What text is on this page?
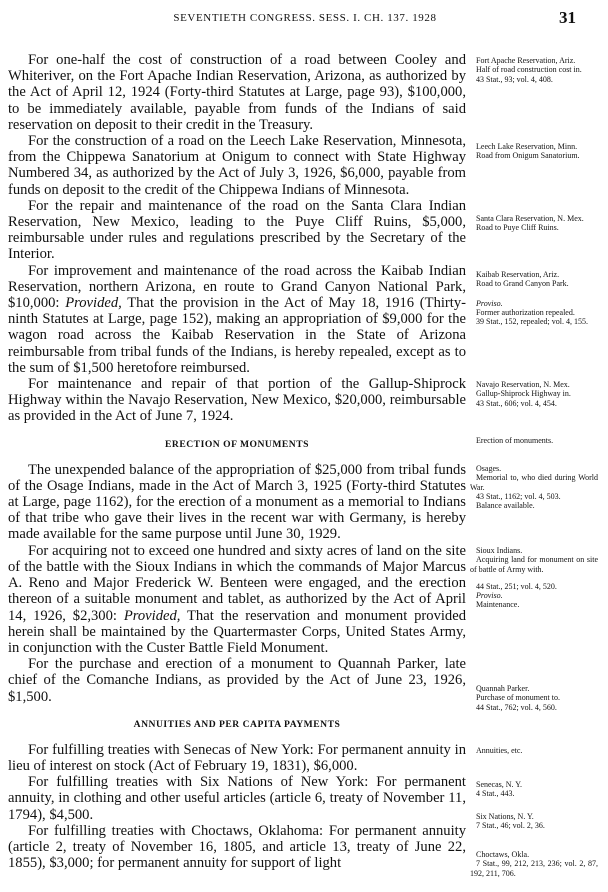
SEVENTIETH CONGRESS. SESS. I. CH. 137. 1928	31

For one-half the cost of construction of a road between Cooley and Whiteriver, on the Fort Apache Indian Reservation, Arizona, as authorized by the Act of April 12, 1924 (Forty-third Statutes at Large, page 93), $100,000, to be immediately available, payable from funds of the Indians of said reservation on deposit to their credit in the Treasury.

For the construction of a road on the Leech Lake Reservation, Minnesota, from the Chippewa Sanatorium at Onigum to connect with State Highway Numbered 34, as authorized by the Act of July 3, 1926, $6,000, payable from funds on deposit to the credit of the Chippewa Indians of Minnesota.

For the repair and maintenance of the road on the Santa Clara Indian Reservation, New Mexico, leading to the Puye Cliff Ruins, $5,000, reimbursable under rules and regulations prescribed by the Secretary of the Interior.

For improvement and maintenance of the road across the Kaibab Indian Reservation, northern Arizona, en route to Grand Canyon National Park, $10,000: Provided, That the provision in the Act of May 18, 1916 (Thirty-ninth Statutes at Large, page 152), making an appropriation of $9,000 for the wagon road across the Kaibab Reservation in the State of Arizona reimbursable from tribal funds of the Indians, is hereby repealed, except as to the sum of $1,500 heretofore reimbursed.

For maintenance and repair of that portion of the Gallup-Shiprock Highway within the Navajo Reservation, New Mexico, $20,000, reimbursable as provided in the Act of June 7, 1924.

ERECTION OF MONUMENTS

The unexpended balance of the appropriation of $25,000 from tribal funds of the Osage Indians, made in the Act of March 3, 1925 (Forty-third Statutes at Large, page 1162), for the erection of a monument as a memorial to Indians of that tribe who gave their lives in the recent war with Germany, is hereby made available for the same purpose until June 30, 1929.

For acquiring not to exceed one hundred and sixty acres of land on the site of the battle with the Sioux Indians in which the commands of Major Marcus A. Reno and Major Frederick W. Benteen were engaged, and the erection thereon of a suitable monument and tablet, as authorized by the Act of April 14, 1926, $2,300: Provided, That the reservation and monument provided herein shall be maintained by the Quartermaster Corps, United States Army, in conjunction with the Custer Battle Field Monument.

For the purchase and erection of a monument to Quannah Parker, late chief of the Comanche Indians, as provided by the Act of June 23, 1926, $1,500.

ANNUITIES AND PER CAPITA PAYMENTS

For fulfilling treaties with Senecas of New York: For permanent annuity in lieu of interest on stock (Act of February 19, 1831), $6,000.

For fulfilling treaties with Six Nations of New York: For permanent annuity, in clothing and other useful articles (article 6, treaty of November 11, 1794), $4,500.

For fulfilling treaties with Choctaws, Oklahoma: For permanent annuity (article 2, treaty of November 16, 1805, and article 13, treaty of June 22, 1855), $3,000; for permanent annuity for support of light

Fort Apache Reservation, Ariz.
Half of road construction cost in.
43 Stat., 93; vol. 4, 408.
Leech Lake Reservation, Minn.
Road from Onigum Sanatorium.
Santa Clara Reservation, N. Mex.
Road to Puye Cliff Ruins.
Kaibab Reservation, Ariz.
Road to Grand Canyon Park.
Proviso.
Former authorization repealed.
39 Stat., 152, repealed; vol. 4, 155.
Navajo Reservation, N. Mex.
Gallup-Shiprock Highway in.
43 Stat., 606; vol. 4, 454.
Erection of monuments.
Osages.
Memorial to, who died during World War.
43 Stat., 1162; vol. 4, 503.
Balance available.
Sioux Indians.
Acquiring land for monument on site of battle of Army with.
44 Stat., 251; vol. 4, 520.
Proviso.
Maintenance.
Quannah Parker.
Purchase of monument to.
44 Stat., 762; vol. 4, 560.
Annuities, etc.
Senecas, N. Y.
4 Stat., 443.
Six Nations, N. Y.
7 Stat., 46; vol. 2, 36.
Choctaws, Okla.
7 Stat., 99, 212, 213, 236; vol. 2, 87, 192, 211, 706.
